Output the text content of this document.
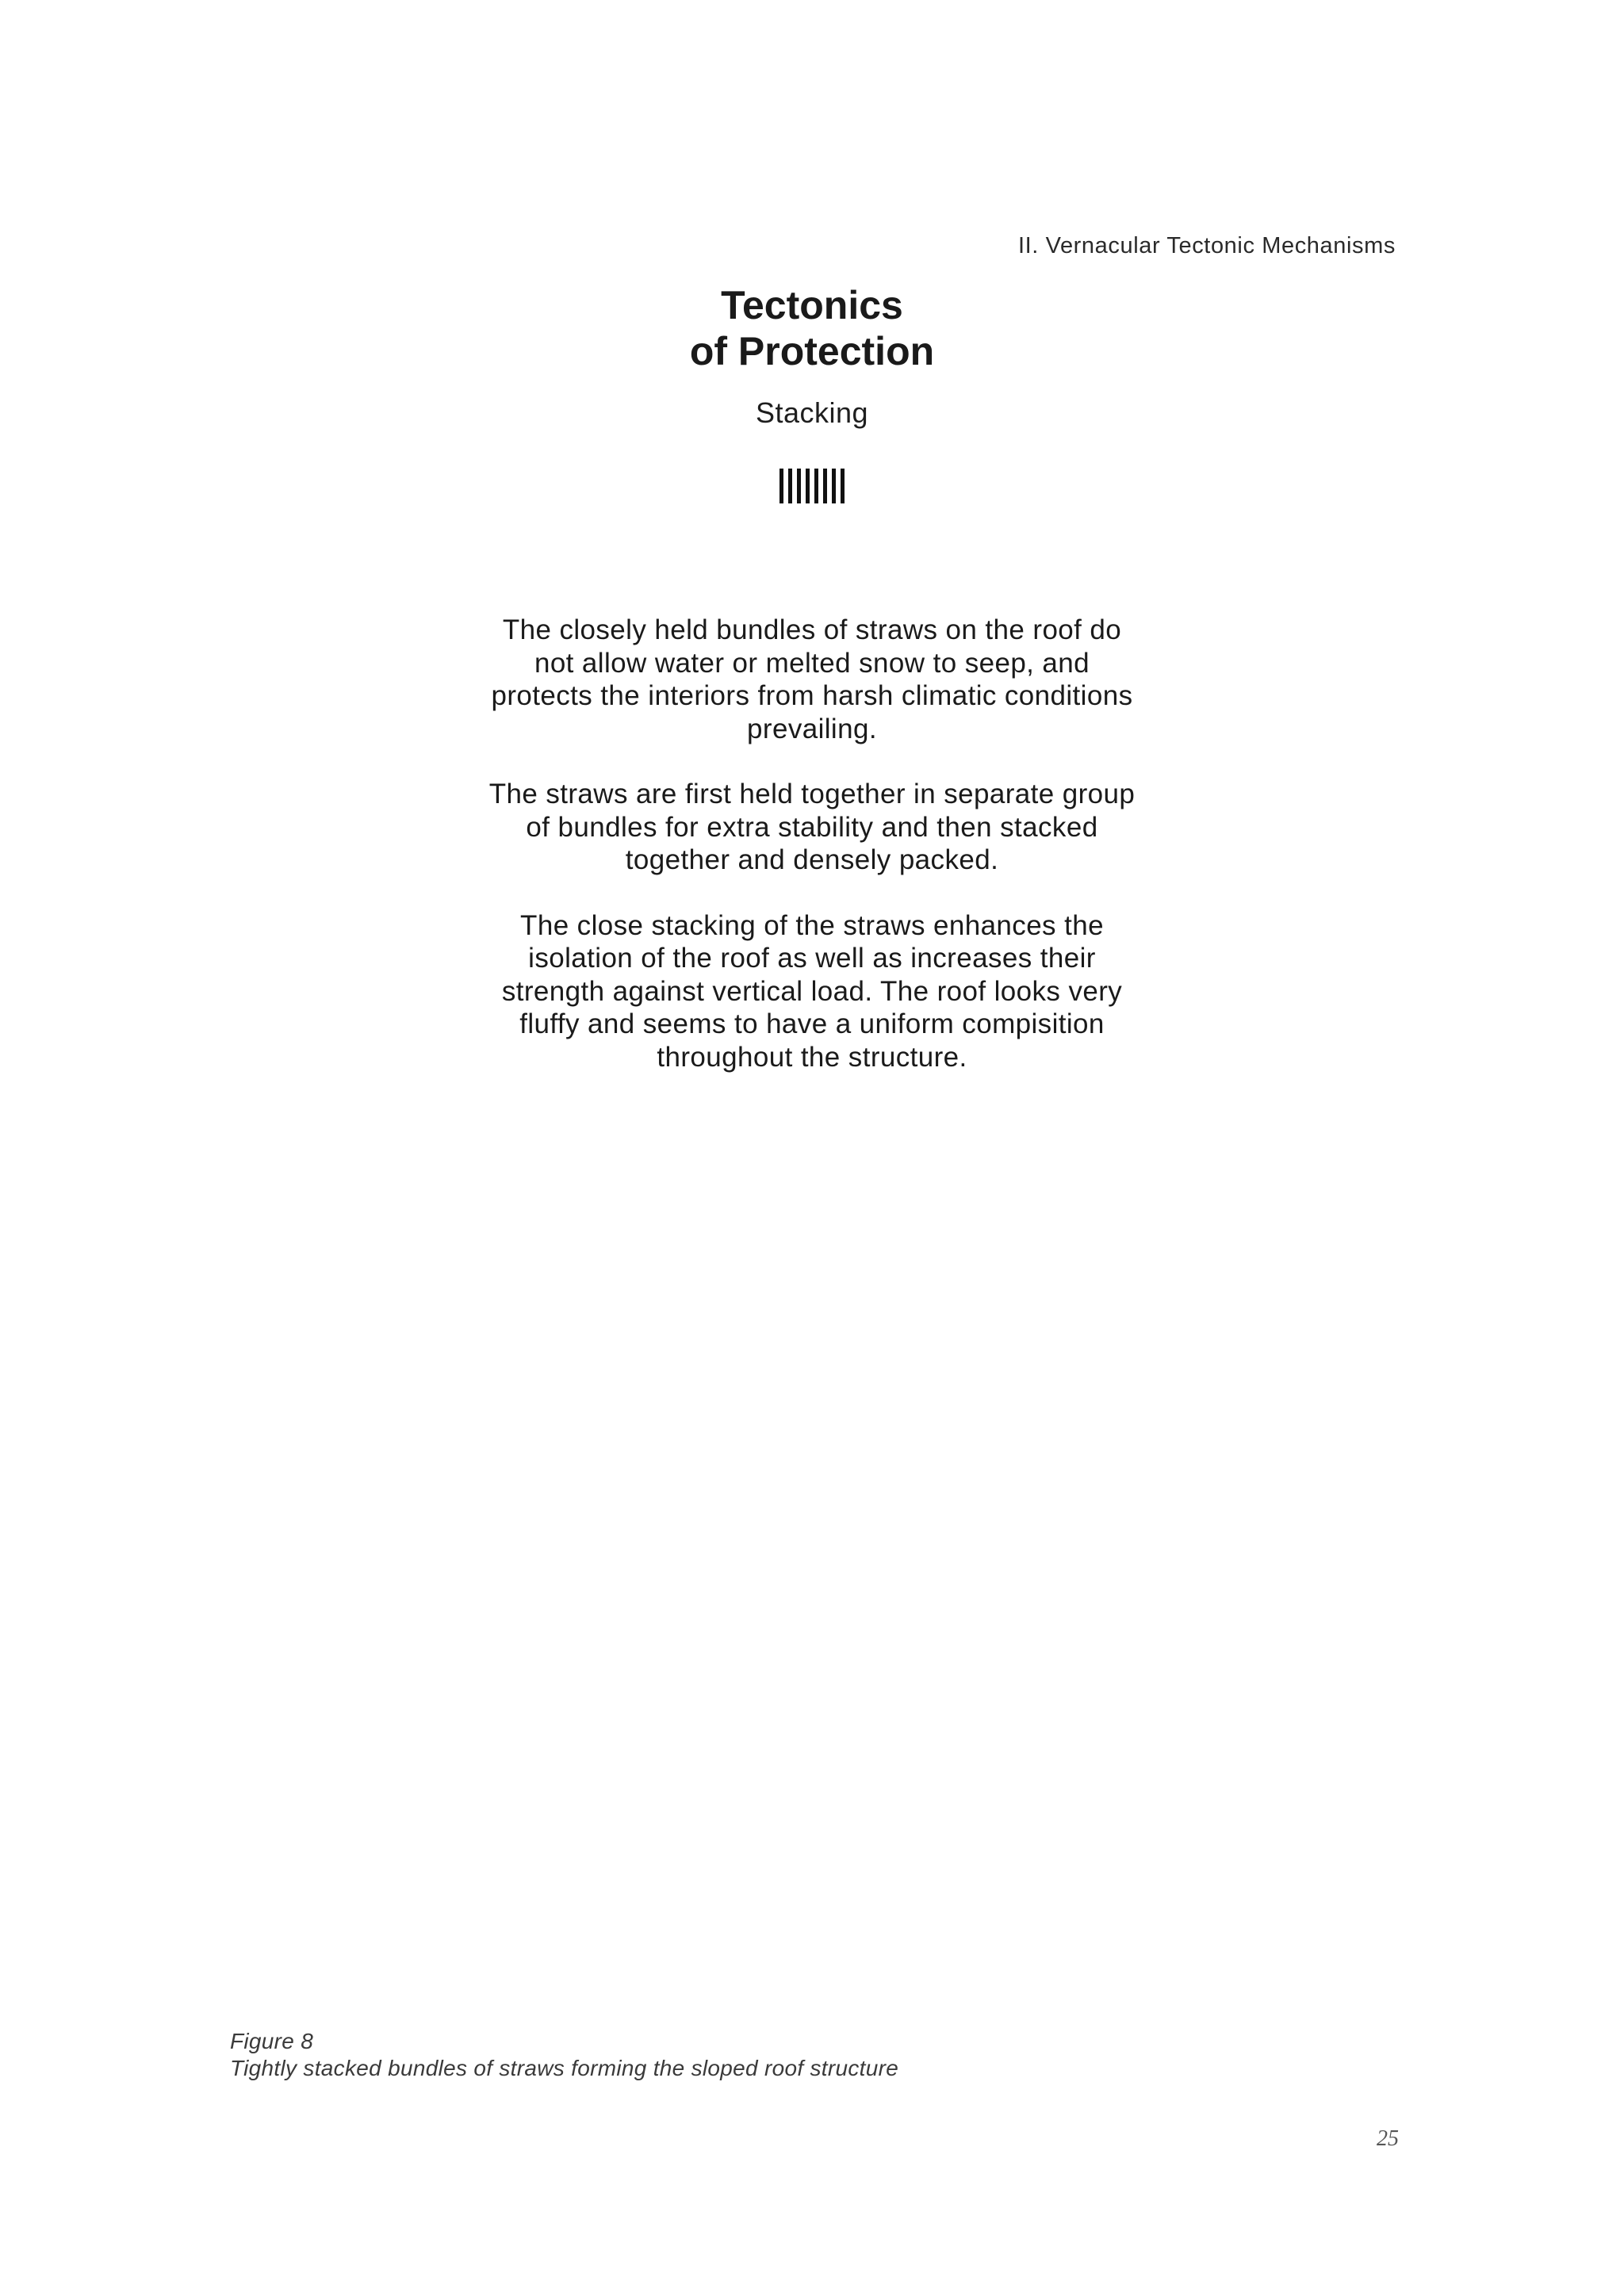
II. Vernacular Tectonic Mechanisms
Tectonics
of Protection
Stacking

The closely held bundles of straws on the roof do not allow water or melted snow to seep, and protects the interiors from harsh climatic conditions prevailing.

The straws are first held together in separate group of bundles for extra stability and then stacked together and densely packed.

The close stacking of the straws enhances the isolation of the roof as well as increases their strength against vertical load. The roof looks very fluffy and seems to have a uniform compisition throughout the structure.

Figure 8
Tightly stacked bundles of straws forming the sloped roof structure
25
